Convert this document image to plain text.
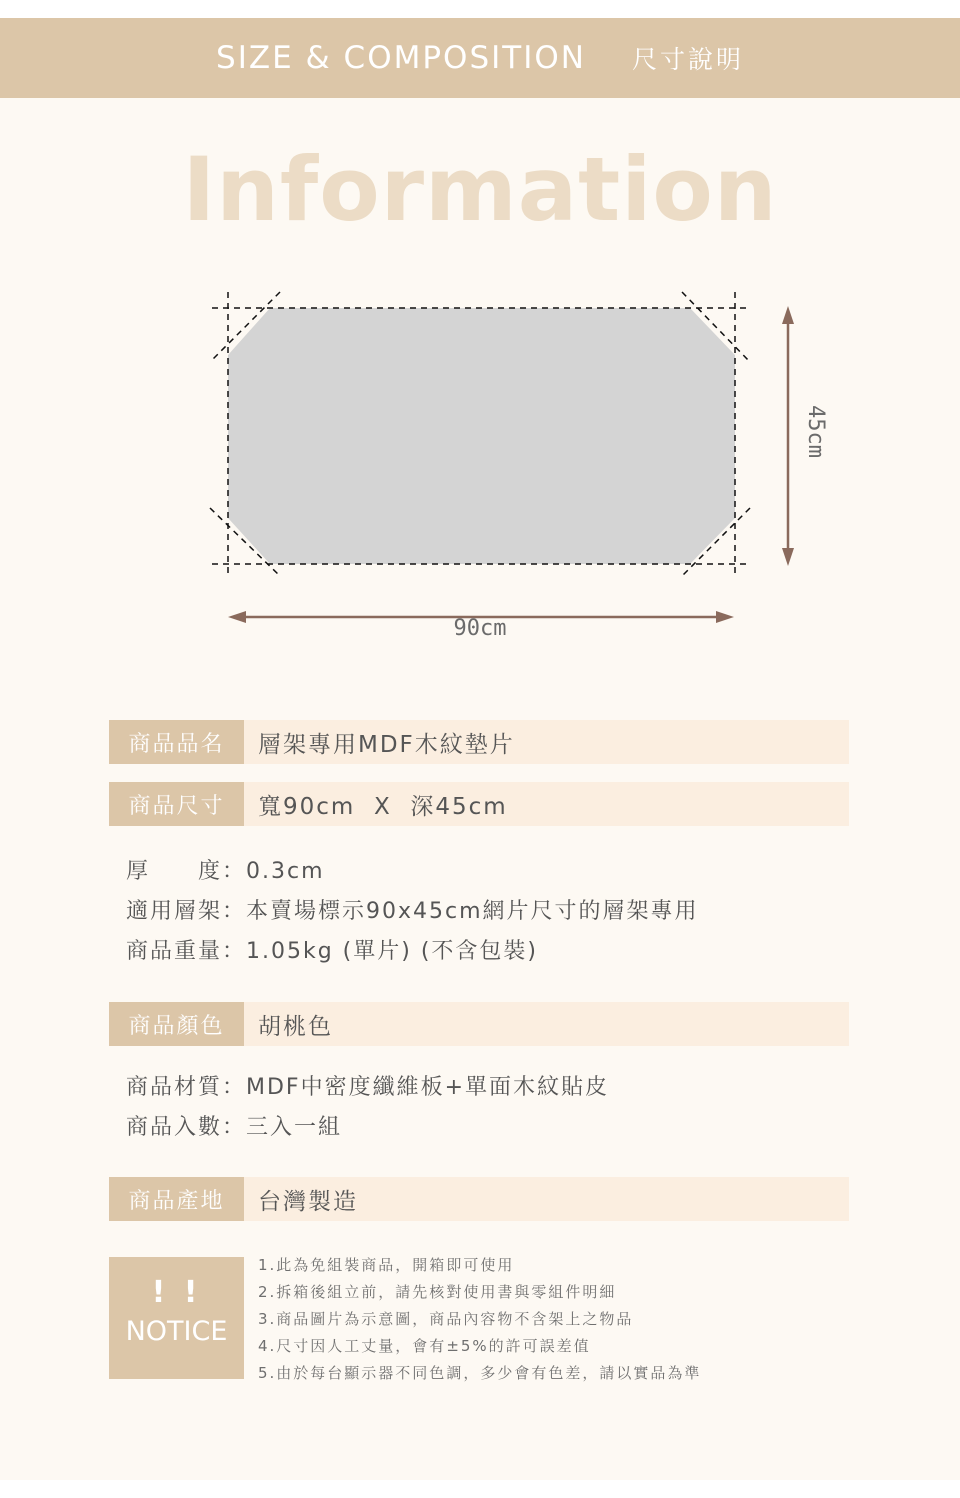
SIZE & COMPOSITION 尺寸說明
Information
90cm
45cm
商品品名	層架專用MDF木紋墊片
商品尺寸	寬90cm  X  深45cm
厚　　度：0.3cm
適用層架：本賣場標示90x45cm網片尺寸的層架專用
商品重量：1.05kg (單片) (不含包裝)
商品顏色	胡桃色
商品材質：MDF中密度纖維板+單面木紋貼皮
商品入數：三入一組
商品產地	台灣製造
! !
NOTICE
1.此為免組裝商品，開箱即可使用
2.拆箱後組立前，請先核對使用書與零組件明細
3.商品圖片為示意圖，商品內容物不含架上之物品
4.尺寸因人工丈量，會有±5%的許可誤差值
5.由於每台顯示器不同色調，多少會有色差，請以實品為準
